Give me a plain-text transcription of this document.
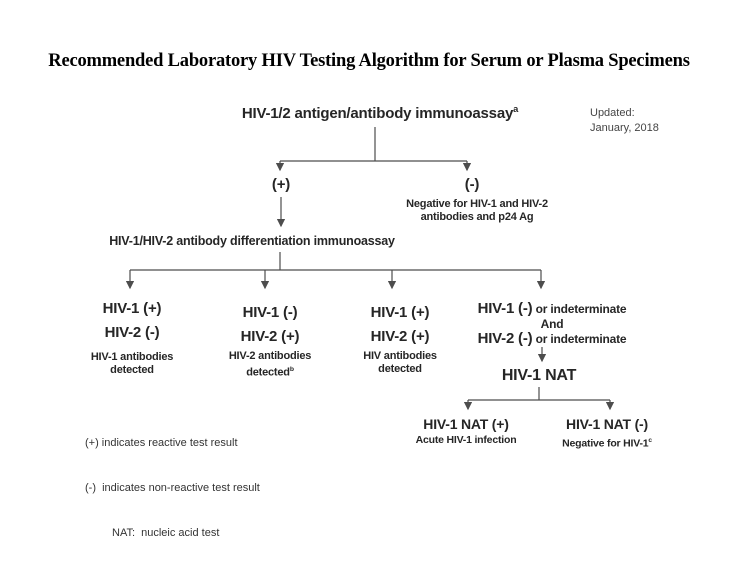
Recommended Laboratory HIV Testing Algorithm for Serum or Plasma Specimens
HIV-1/2 antigen/antibody immunoassay$^a$	Updated:
January, 2018
(+)	(-)
Negative for HIV-1 and HIV-2
antibodies and p24 Ag
HIV-1/HIV-2 antibody differentiation immunoassay
HIV-1 (+)
HIV-2 (-)
HIV-1 antibodies
detected
HIV-1 (-)
HIV-2 (+)
HIV-2 antibodies
detected$^b$
HIV-1 (+)
HIV-2 (+)
HIV antibodies
detected
HIV-1 (-) or indeterminate
And
HIV-2 (-) or indeterminate
HIV-1 NAT
HIV-1 NAT (+)
Acute HIV-1 infection
HIV-1 NAT (-)
Negative for HIV-1$^c$

(+) indicates reactive test result

(-)  indicates non-reactive test result

NAT:  nucleic acid test
